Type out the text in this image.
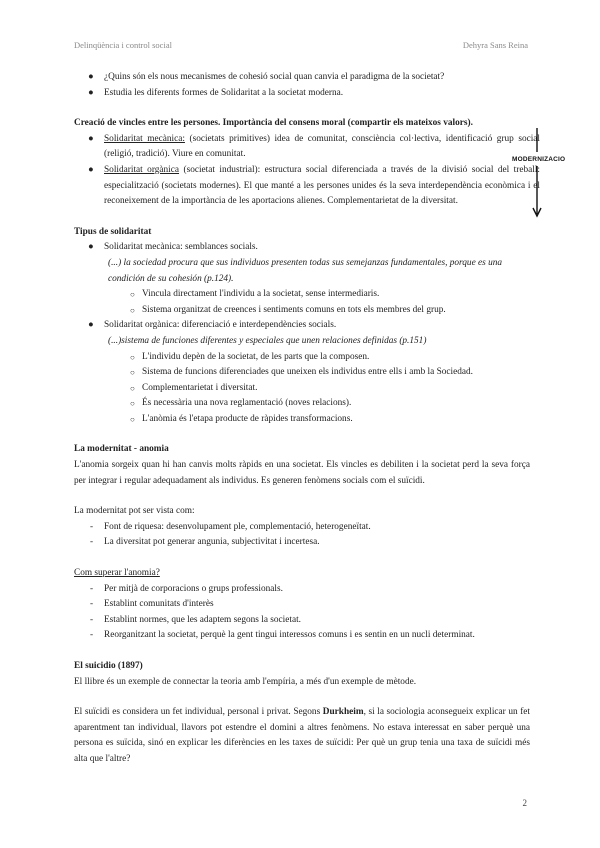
Delinqüència i control social	Dehyra Sans Reina

● ¿Quins són els nous mecanismes de cohesió social quan canvia el paradigma de la societat?

● Estudia les diferents formes de Solidaritat a la societat moderna.

Creació de vincles entre les persones. Importància del consens moral (compartir els mateixos valors).

● Solidaritat mecànica: (societats primitives) idea de comunitat, consciència col·lectiva, identificació grup social (religió, tradició). Viure en comunitat.

● Solidaritat orgànica (societat industrial): estructura social diferenciada a través de la divisió social del treball: especialització (societats modernes). El que manté a les persones unides és la seva interdependència econòmica i el reconeixement de la importància de les aportacions alienes. Complementarietat de la diversitat.

Tipus de solidaritat

● Solidaritat mecànica: semblances socials.

(...) la sociedad procura que sus individuos presenten todas sus semejanzas fundamentales, porque es una condición de su cohesión (p.124).

○ Vincula directament l'individu a la societat, sense intermediaris.

○ Sistema organitzat de creences i sentiments comuns en tots els membres del grup.

● Solidaritat orgànica: diferenciació e interdependències socials.

(...)sistema de funciones diferentes y especiales que unen relaciones definidas (p.151)

○ L'individu depèn de la societat, de les parts que la composen.

○ Sistema de funcions diferenciades que uneixen els individus entre ells i amb la Sociedad.

○ Complementarietat i diversitat.

○ És necessària una nova reglamentació (noves relacions).

○ L'anòmia és l'etapa producte de ràpides transformacions.

La modernitat - anomia

L'anomia sorgeix quan hi han canvis molts ràpids en una societat. Els vincles es debiliten i la societat perd la seva força per integrar i regular adequadament als individus. Es generen fenòmens socials com el suïcidi.

La modernitat pot ser vista com:

- Font de riquesa: desenvolupament ple, complementació, heterogeneïtat.

- La diversitat pot generar angunia, subjectivitat i incertesa.

Com superar l'anomia?

- Per mitjà de corporacions o grups professionals.

- Establint comunitats d'interès

- Establint normes, que les adaptem segons la societat.

- Reorganitzant la societat, perquè la gent tingui interessos comuns i es sentin en un nucli determinat.

El suicidio (1897)

El llibre és un exemple de connectar la teoria amb l'empíria, a més d'un exemple de mètode.

El suïcidi es considera un fet individual, personal i privat. Segons Durkheim, si la sociologia aconsegueix explicar un fet aparentment tan individual, llavors pot estendre el domini a altres fenòmens. No estava interessat en saber perquè una persona es suïcida, sinó en explicar les diferències en les taxes de suïcidi: Per què un grup tenia una taxa de suïcidi més alta que l'altre?

MODERNIZACIO
2
